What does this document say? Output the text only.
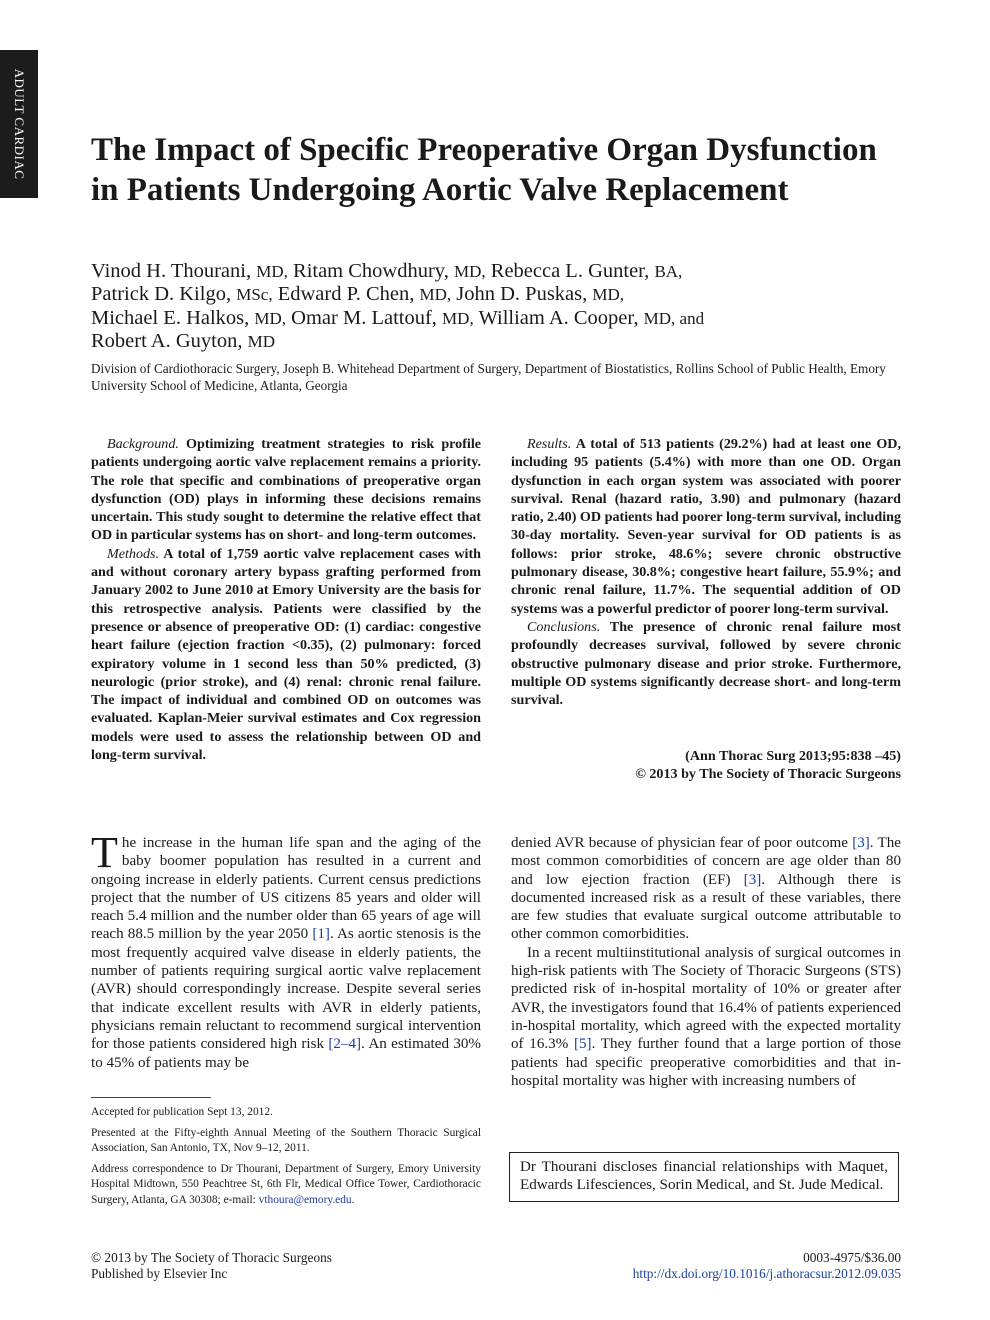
ADULT CARDIAC The Impact of Specific Preoperative Organ Dysfunction in Patients Undergoing Aortic Valve Replacement
Vinod H. Thourani, MD, Ritam Chowdhury, MD, Rebecca L. Gunter, BA,
Patrick D. Kilgo, MSc, Edward P. Chen, MD, John D. Puskas, MD,
Michael E. Halkos, MD, Omar M. Lattouf, MD, William A. Cooper, MD, and
Robert A. Guyton, MD
Division of Cardiothoracic Surgery, Joseph B. Whitehead Department of Surgery, Department of Biostatistics, Rollins School of Public Health, Emory University School of Medicine, Atlanta, Georgia

Background. Optimizing treatment strategies to risk profile patients undergoing aortic valve replacement remains a priority. The role that specific and combinations of preoperative organ dysfunction (OD) plays in informing these decisions remains uncertain. This study sought to determine the relative effect that OD in particular systems has on short- and long-term outcomes.

Methods. A total of 1,759 aortic valve replacement cases with and without coronary artery bypass grafting performed from January 2002 to June 2010 at Emory University are the basis for this retrospective analysis. Patients were classified by the presence or absence of preoperative OD: (1) cardiac: congestive heart failure (ejection fraction <0.35), (2) pulmonary: forced expiratory volume in 1 second less than 50% predicted, (3) neurologic (prior stroke), and (4) renal: chronic renal failure. The impact of individual and combined OD on outcomes was evaluated. Kaplan-Meier survival estimates and Cox regression models were used to assess the relationship between OD and long-term survival.

Results. A total of 513 patients (29.2%) had at least one OD, including 95 patients (5.4%) with more than one OD. Organ dysfunction in each organ system was associated with poorer survival. Renal (hazard ratio, 3.90) and pulmonary (hazard ratio, 2.40) OD patients had poorer long-term survival, including 30-day mortality. Seven-year survival for OD patients is as follows: prior stroke, 48.6%; severe chronic obstructive pulmonary disease, 30.8%; congestive heart failure, 55.9%; and chronic renal failure, 11.7%. The sequential addition of OD systems was a powerful predictor of poorer long-term survival.

Conclusions. The presence of chronic renal failure most profoundly decreases survival, followed by severe chronic obstructive pulmonary disease and prior stroke. Furthermore, multiple OD systems significantly decrease short- and long-term survival.

(Ann Thorac Surg 2013;95:838 –45)
© 2013 by The Society of Thoracic Surgeons

The increase in the human life span and the aging of the baby boomer population has resulted in a current and ongoing increase in elderly patients. Current census predictions project that the number of US citizens 85 years and older will reach 5.4 million and the number older than 65 years of age will reach 88.5 million by the year 2050 [1]. As aortic stenosis is the most frequently acquired valve disease in elderly patients, the number of patients requiring surgical aortic valve replacement (AVR) should correspondingly increase. Despite several series that indicate excellent results with AVR in elderly patients, physicians remain reluctant to recommend surgical intervention for those patients considered high risk [2–4]. An estimated 30% to 45% of patients may be

denied AVR because of physician fear of poor outcome [3]. The most common comorbidities of concern are age older than 80 and low ejection fraction (EF) [3]. Although there is documented increased risk as a result of these variables, there are few studies that evaluate surgical outcome attributable to other common comorbidities.

In a recent multiinstitutional analysis of surgical outcomes in high-risk patients with The Society of Thoracic Surgeons (STS) predicted risk of in-hospital mortality of 10% or greater after AVR, the investigators found that 16.4% of patients experienced in-hospital mortality, which agreed with the expected mortality of 16.3% [5]. They further found that a large portion of those patients had specific preoperative comorbidities and that in-hospital mortality was higher with increasing numbers of

Accepted for publication Sept 13, 2012.

Presented at the Fifty-eighth Annual Meeting of the Southern Thoracic Surgical Association, San Antonio, TX, Nov 9–12, 2011.

Address correspondence to Dr Thourani, Department of Surgery, Emory University Hospital Midtown, 550 Peachtree St, 6th Flr, Medical Office Tower, Cardiothoracic Surgery, Atlanta, GA 30308; e-mail: vthoura@emory.edu.

Dr Thourani discloses financial relationships with Maquet, Edwards Lifesciences, Sorin Medical, and St. Jude Medical.
© 2013 by The Society of Thoracic Surgeons
Published by Elsevier Inc
0003-4975/$36.00
http://dx.doi.org/10.1016/j.athoracsur.2012.09.035
